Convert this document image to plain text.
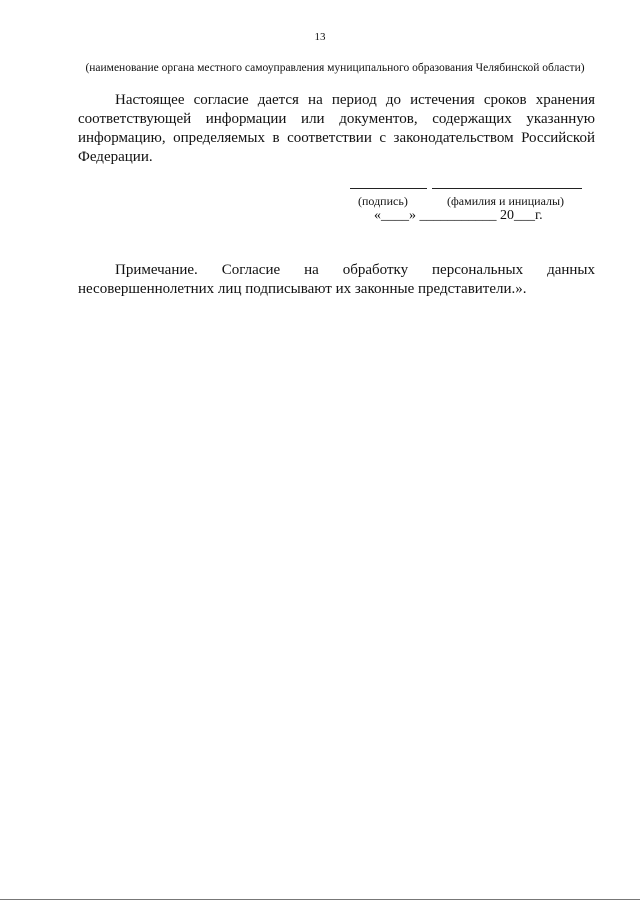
13
(наименование органа местного самоуправления муниципального образования Челябинской области)

Настоящее согласие дается на период до истечения сроков хранения соответствующей информации или документов, содержащих указанную информацию, определяемых в соответствии с законодательством Российской Федерации.

(подпись)	(фамилия и инициалы)
«____» ___________ 20___г.

Примечание. Согласие на обработку персональных данных несовершеннолетних лиц подписывают их законные представители.».
